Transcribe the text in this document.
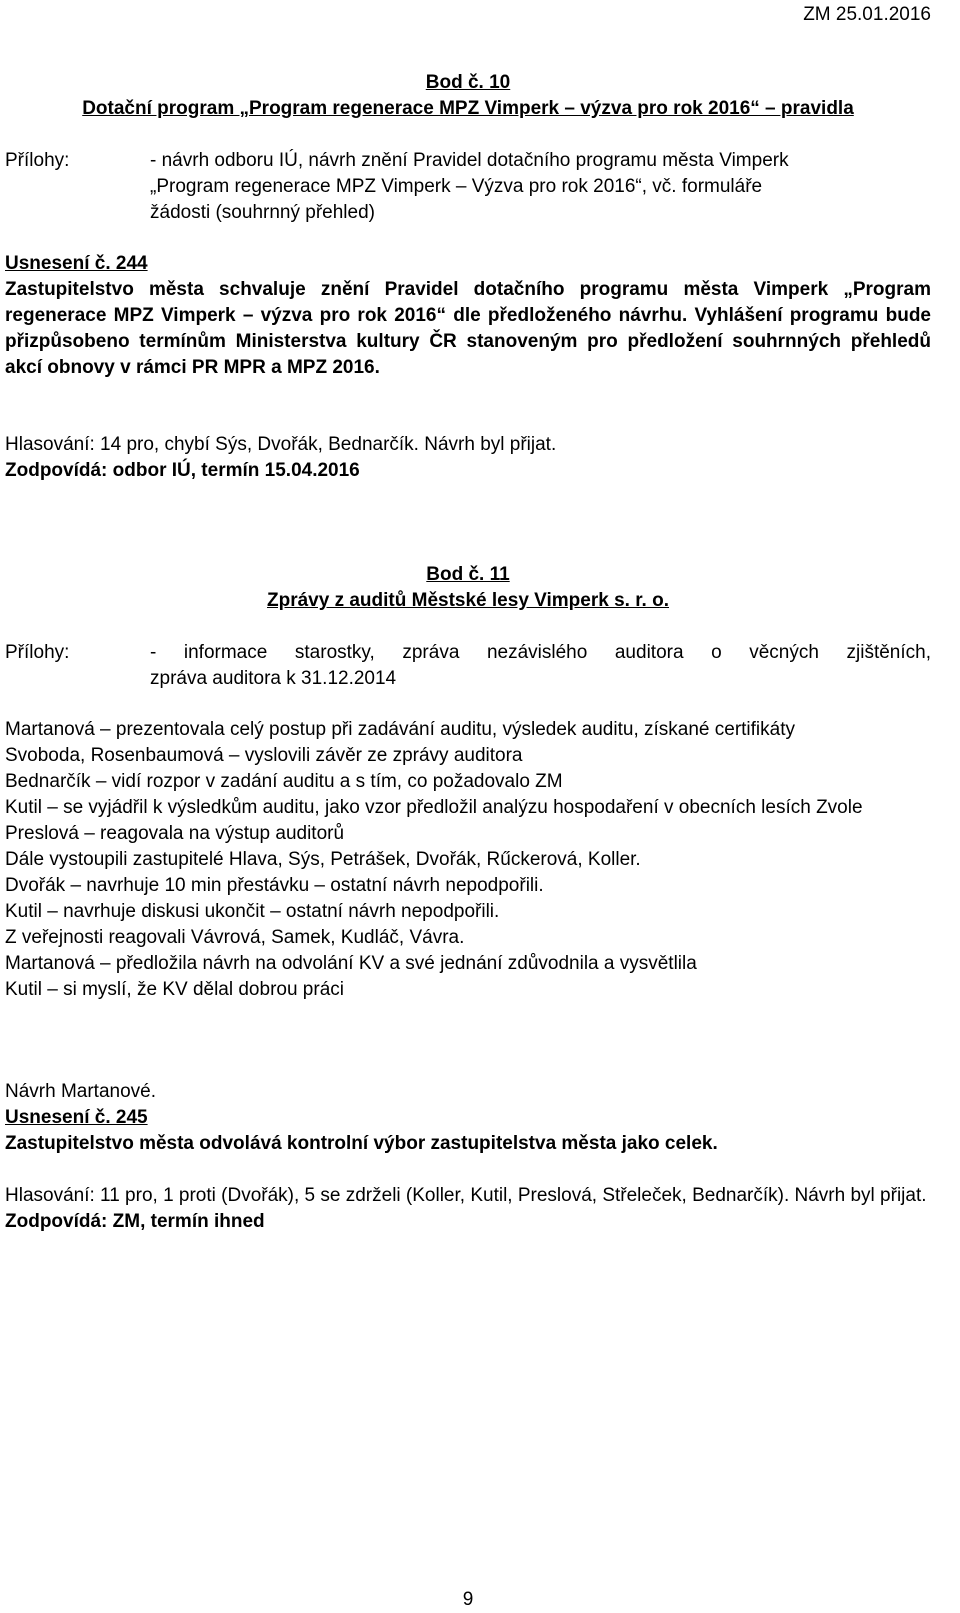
ZM 25.01.2016

Bod č. 10

Dotační program „Program regenerace MPZ Vimperk – výzva pro rok 2016“ – pravidla

Přílohy:	- návrh odboru IÚ, návrh znění Pravidel dotačního programu města Vimperk

„Program regenerace MPZ Vimperk – Výzva pro rok 2016“, vč. formuláře

žádosti (souhrnný přehled)

Usnesení č. 244

Zastupitelstvo města schvaluje znění Pravidel dotačního programu města Vimperk „Program regenerace MPZ Vimperk – výzva pro rok 2016“ dle předloženého návrhu. Vyhlášení programu bude přizpůsobeno termínům Ministerstva kultury ČR stanoveným pro předložení souhrnných přehledů akcí obnovy v rámci PR MPR a MPZ 2016.

Hlasování: 14 pro, chybí Sýs, Dvořák, Bednarčík. Návrh byl přijat.

Zodpovídá: odbor IÚ, termín 15.04.2016

Bod č. 11

Zprávy z auditů Městské lesy Vimperk s. r. o.

Přílohy:	- informace starostky, zpráva nezávislého auditora o věcných zjištěních,

zpráva auditora k 31.12.2014

Martanová – prezentovala celý postup při zadávání auditu, výsledek auditu, získané certifikáty

Svoboda, Rosenbaumová – vyslovili závěr ze zprávy auditora

Bednarčík – vidí rozpor v zadání auditu a s tím, co požadovalo ZM

Kutil – se vyjádřil k výsledkům auditu, jako vzor předložil analýzu hospodaření v obecních lesích Zvole

Preslová – reagovala na výstup auditorů

Dále vystoupili zastupitelé Hlava, Sýs, Petrášek, Dvořák, Rűckerová, Koller.

Dvořák – navrhuje 10 min přestávku – ostatní návrh nepodpořili.

Kutil – navrhuje diskusi ukončit – ostatní návrh nepodpořili.

Z veřejnosti reagovali Vávrová, Samek, Kudláč, Vávra.

Martanová – předložila návrh na odvolání KV a své jednání zdůvodnila a vysvětlila

Kutil – si myslí, že KV dělal dobrou práci

Návrh Martanové.

Usnesení č. 245

Zastupitelstvo města odvolává kontrolní výbor zastupitelstva města jako celek.

Hlasování: 11 pro, 1 proti (Dvořák), 5 se zdrželi (Koller, Kutil, Preslová, Střeleček, Bednarčík). Návrh byl přijat.

Zodpovídá: ZM, termín ihned

9
